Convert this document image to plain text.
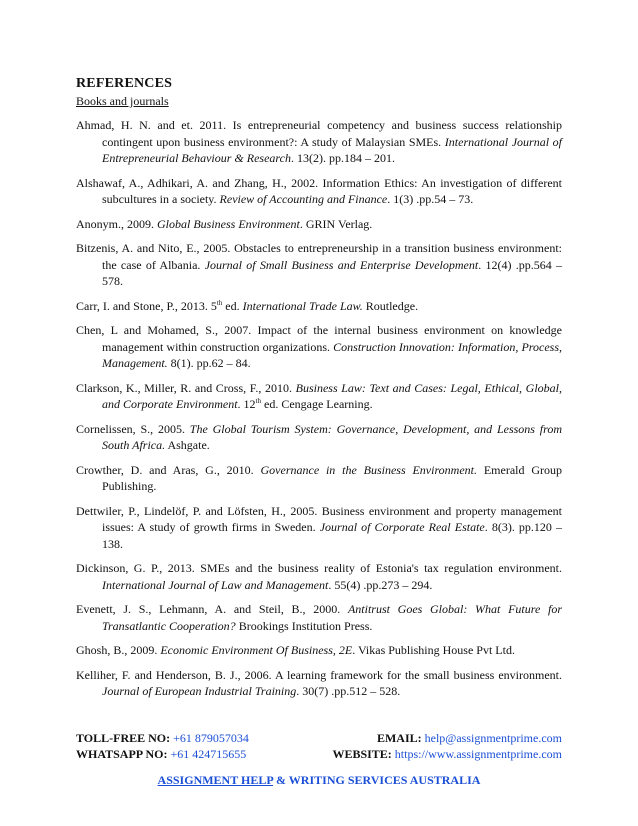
REFERENCES
Books and journals

Ahmad, H. N. and et. 2011. Is entrepreneurial competency and business success relationship contingent upon business environment?: A study of Malaysian SMEs. International Journal of Entrepreneurial Behaviour & Research. 13(2). pp.184 – 201.

Alshawaf, A., Adhikari, A. and Zhang, H., 2002. Information Ethics: An investigation of different subcultures in a society. Review of Accounting and Finance. 1(3) .pp.54 – 73.

Anonym., 2009. Global Business Environment. GRIN Verlag.

Bitzenis, A. and Nito, E., 2005. Obstacles to entrepreneurship in a transition business environment: the case of Albania. Journal of Small Business and Enterprise Development. 12(4) .pp.564 – 578.

Carr, I. and Stone, P., 2013. 5th ed. International Trade Law. Routledge.

Chen, L and Mohamed, S., 2007. Impact of the internal business environment on knowledge management within construction organizations. Construction Innovation: Information, Process, Management. 8(1). pp.62 – 84.

Clarkson, K., Miller, R. and Cross, F., 2010. Business Law: Text and Cases: Legal, Ethical, Global, and Corporate Environment. 12th ed. Cengage Learning.

Cornelissen, S., 2005. The Global Tourism System: Governance, Development, and Lessons from South Africa. Ashgate.

Crowther, D. and Aras, G., 2010. Governance in the Business Environment. Emerald Group Publishing.

Dettwiler, P., Lindelöf, P. and Löfsten, H., 2005. Business environment and property management issues: A study of growth firms in Sweden. Journal of Corporate Real Estate. 8(3). pp.120 – 138.

Dickinson, G. P., 2013. SMEs and the business reality of Estonia's tax regulation environment. International Journal of Law and Management. 55(4) .pp.273 – 294.

Evenett, J. S., Lehmann, A. and Steil, B., 2000. Antitrust Goes Global: What Future for Transatlantic Cooperation? Brookings Institution Press.

Ghosh, B., 2009. Economic Environment Of Business, 2E. Vikas Publishing House Pvt Ltd.

Kelliher, F. and Henderson, B. J., 2006. A learning framework for the small business environment. Journal of European Industrial Training. 30(7) .pp.512 – 528.

TOLL-FREE NO: +61 879057034	EMAIL: help@assignmentprime.com
WHATSAPP NO: +61 424715655	WEBSITE: https://www.assignmentprime.com
ASSIGNMENT HELP & WRITING SERVICES AUSTRALIA
